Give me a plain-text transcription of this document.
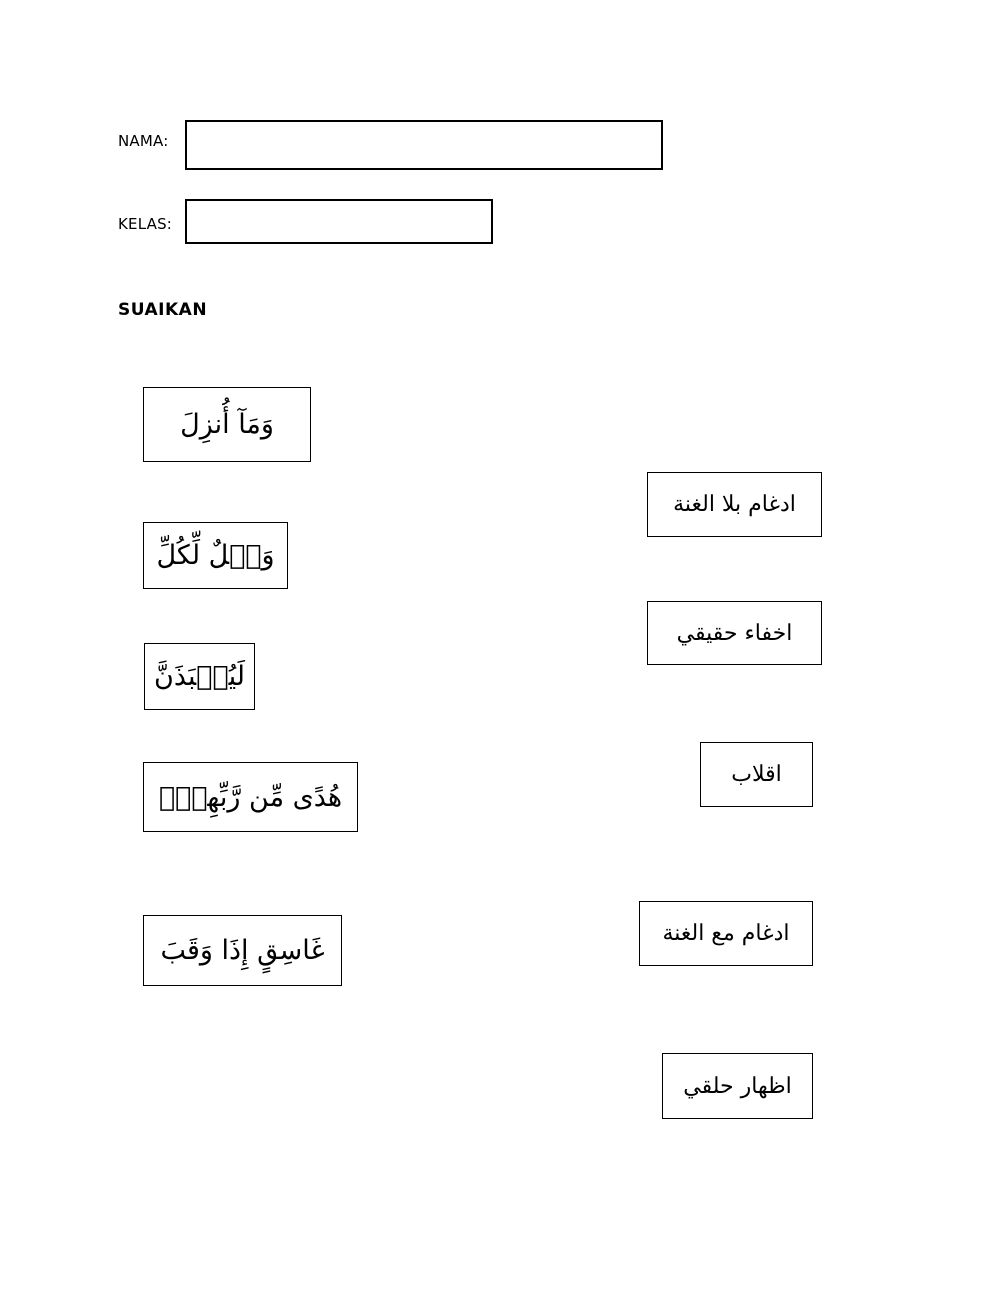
NAMA:
KELAS:
SUAIKAN
وَمَآ أُنزِلَ
وَيۡلٌ لِّكُلِّ
لَيُنۢبَذَنَّ
هُدًى مِّن رَّبِّهِمۡۖ
غَاسِقٍ إِذَا وَقَبَ
ادغام بلا الغنة
اخفاء حقيقي
اقلاب
ادغام مع الغنة
اظهار حلقي
